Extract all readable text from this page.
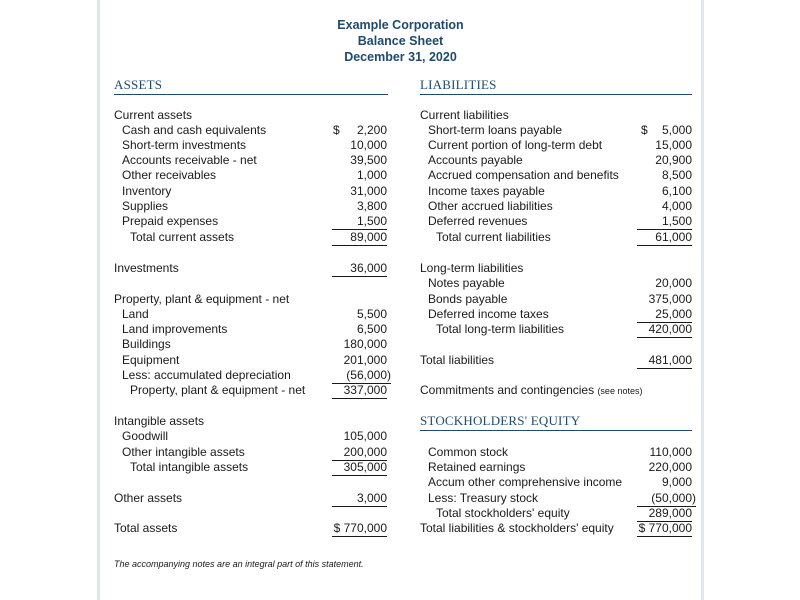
Example Corporation
Balance Sheet
December 31, 2020
ASSETS	LIABILITIES
STOCKHOLDERS' EQUITY
Current assets
Cash and cash equivalents	$ 2,200
Short-term investments	10,000
Accounts receivable - net	39,500
Other receivables	1,000
Inventory	31,000
Supplies	3,800
Prepaid expenses	1,500
Total current assets	89,000
Investments	36,000
Property, plant & equipment - net
Land	5,500
Land improvements	6,500
Buildings	180,000
Equipment	201,000
Less: accumulated depreciation	(56,000)
Property, plant & equipment - net	337,000
Intangible assets
Goodwill	105,000
Other intangible assets	200,000
Total intangible assets	305,000
Other assets	3,000
Total assets	$ 770,000
Current liabilities
Short-term loans payable	$ 5,000
Current portion of long-term debt	15,000
Accounts payable	20,900
Accrued compensation and benefits	8,500
Income taxes payable	6,100
Other accrued liabilities	4,000
Deferred revenues	1,500
Total current liabilities	61,000
Long-term liabilities
Notes payable	20,000
Bonds payable	375,000
Deferred income taxes	25,000
Total long-term liabilities	420,000
Total liabilities	481,000
Commitments and contingencies (see notes)
Common stock	110,000
Retained earnings	220,000
Accum other comprehensive income	9,000
Less: Treasury stock	(50,000)
Total stockholders' equity	289,000
Total liabilities & stockholders' equity $ 770,000
The accompanying notes are an integral part of this statement.
